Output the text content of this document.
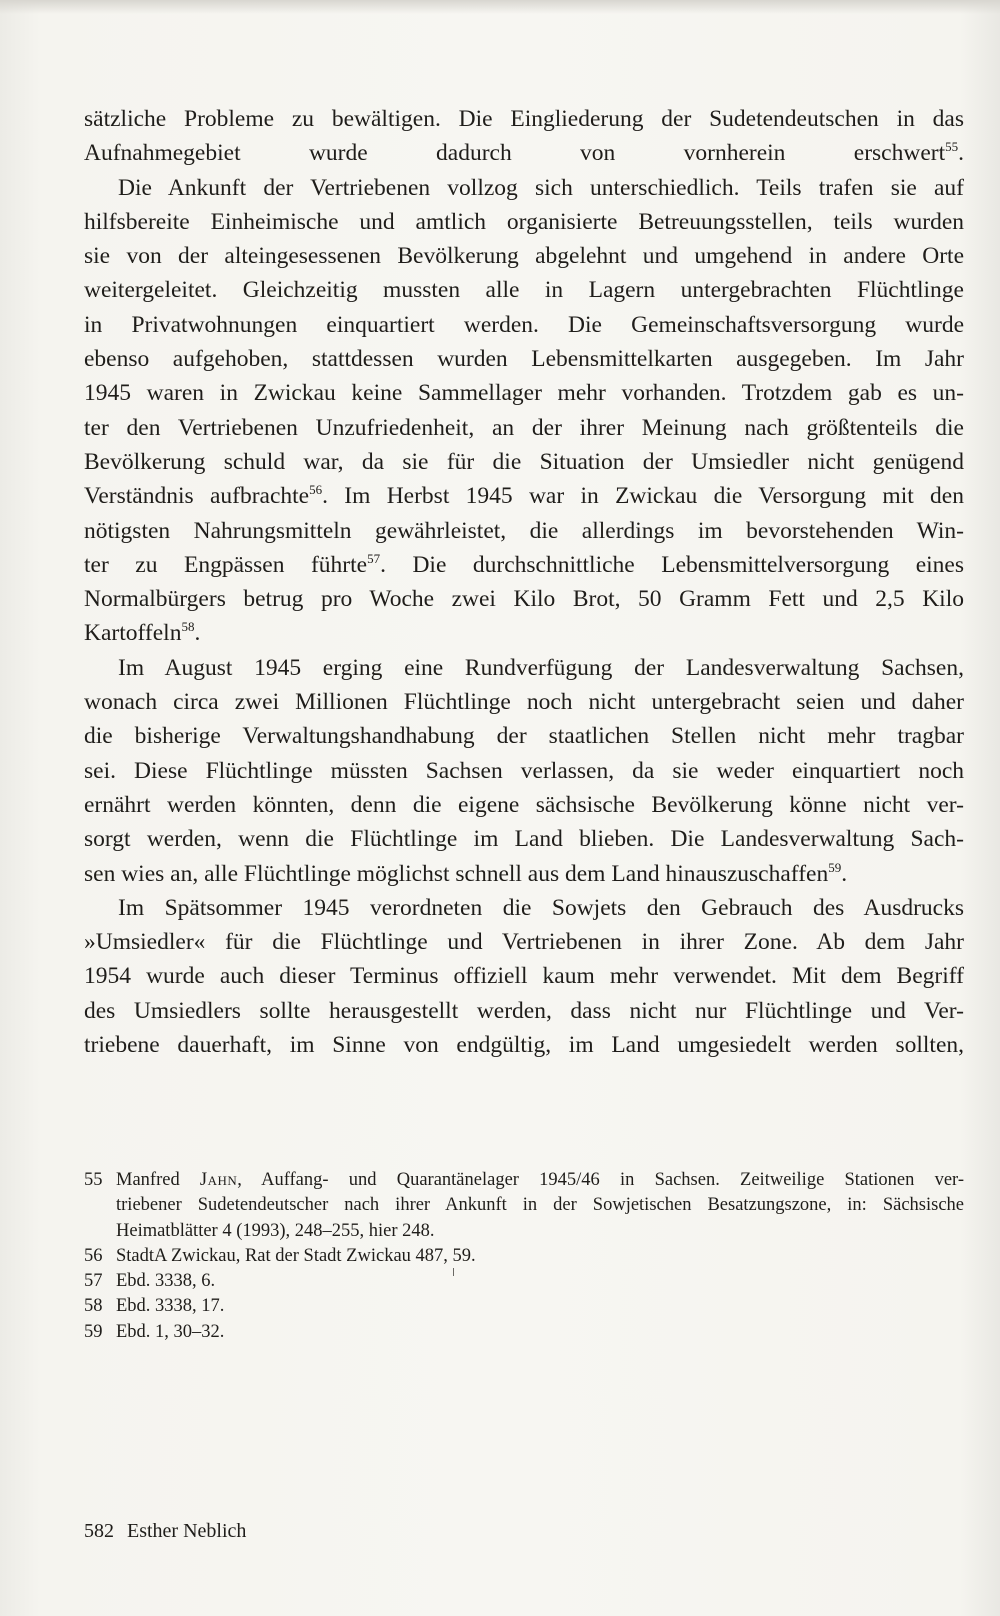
sätzliche Probleme zu bewältigen. Die Eingliederung der Sudetendeutschen in das
Aufnahmegebiet wurde dadurch von vornherein erschwert$^{55}$.
Die Ankunft der Vertriebenen vollzog sich unterschiedlich. Teils trafen sie auf
hilfsbereite Einheimische und amtlich organisierte Betreuungsstellen, teils wurden
sie von der alteingesessenen Bevölkerung abgelehnt und umgehend in andere Orte
weitergeleitet. Gleichzeitig mussten alle in Lagern untergebrachten Flüchtlinge
in Privatwohnungen einquartiert werden. Die Gemeinschaftsversorgung wurde
ebenso aufgehoben, stattdessen wurden Lebensmittelkarten ausgegeben. Im Jahr
1945 waren in Zwickau keine Sammellager mehr vorhanden. Trotzdem gab es un-
ter den Vertriebenen Unzufriedenheit, an der ihrer Meinung nach größtenteils die
Bevölkerung schuld war, da sie für die Situation der Umsiedler nicht genügend
Verständnis aufbrachte$^{56}$. Im Herbst 1945 war in Zwickau die Versorgung mit den
nötigsten Nahrungsmitteln gewährleistet, die allerdings im bevorstehenden Win-
ter zu Engpässen führte$^{57}$. Die durchschnittliche Lebensmittelversorgung eines
Normalbürgers betrug pro Woche zwei Kilo Brot, 50 Gramm Fett und 2,5 Kilo
Kartoffeln$^{58}$.
Im August 1945 erging eine Rundverfügung der Landesverwaltung Sachsen,
wonach circa zwei Millionen Flüchtlinge noch nicht untergebracht seien und daher
die bisherige Verwaltungshandhabung der staatlichen Stellen nicht mehr tragbar
sei. Diese Flüchtlinge müssten Sachsen verlassen, da sie weder einquartiert noch
ernährt werden könnten, denn die eigene sächsische Bevölkerung könne nicht ver-
sorgt werden, wenn die Flüchtlinge im Land blieben. Die Landesverwaltung Sach-
sen wies an, alle Flüchtlinge möglichst schnell aus dem Land hinauszuschaffen$^{59}$.
Im Spätsommer 1945 verordneten die Sowjets den Gebrauch des Ausdrucks
»Umsiedler« für die Flüchtlinge und Vertriebenen in ihrer Zone. Ab dem Jahr
1954 wurde auch dieser Terminus offiziell kaum mehr verwendet. Mit dem Begriff
des Umsiedlers sollte herausgestellt werden, dass nicht nur Flüchtlinge und Ver-
triebene dauerhaft, im Sinne von endgültig, im Land umgesiedelt werden sollten,
55 Manfred Jahn, Auffang- und Quarantänelager 1945/46 in Sachsen. Zeitweilige Stationen ver-
triebener Sudetendeutscher nach ihrer Ankunft in der Sowjetischen Besatzungszone, in: Sächsische
Heimatblätter 4 (1993), 248–255, hier 248.
56 StadtA Zwickau, Rat der Stadt Zwickau 487, 59.
57 Ebd. 3338, 6.
58 Ebd. 3338, 17.
59 Ebd. 1, 30–32.
582 Esther Neblich
